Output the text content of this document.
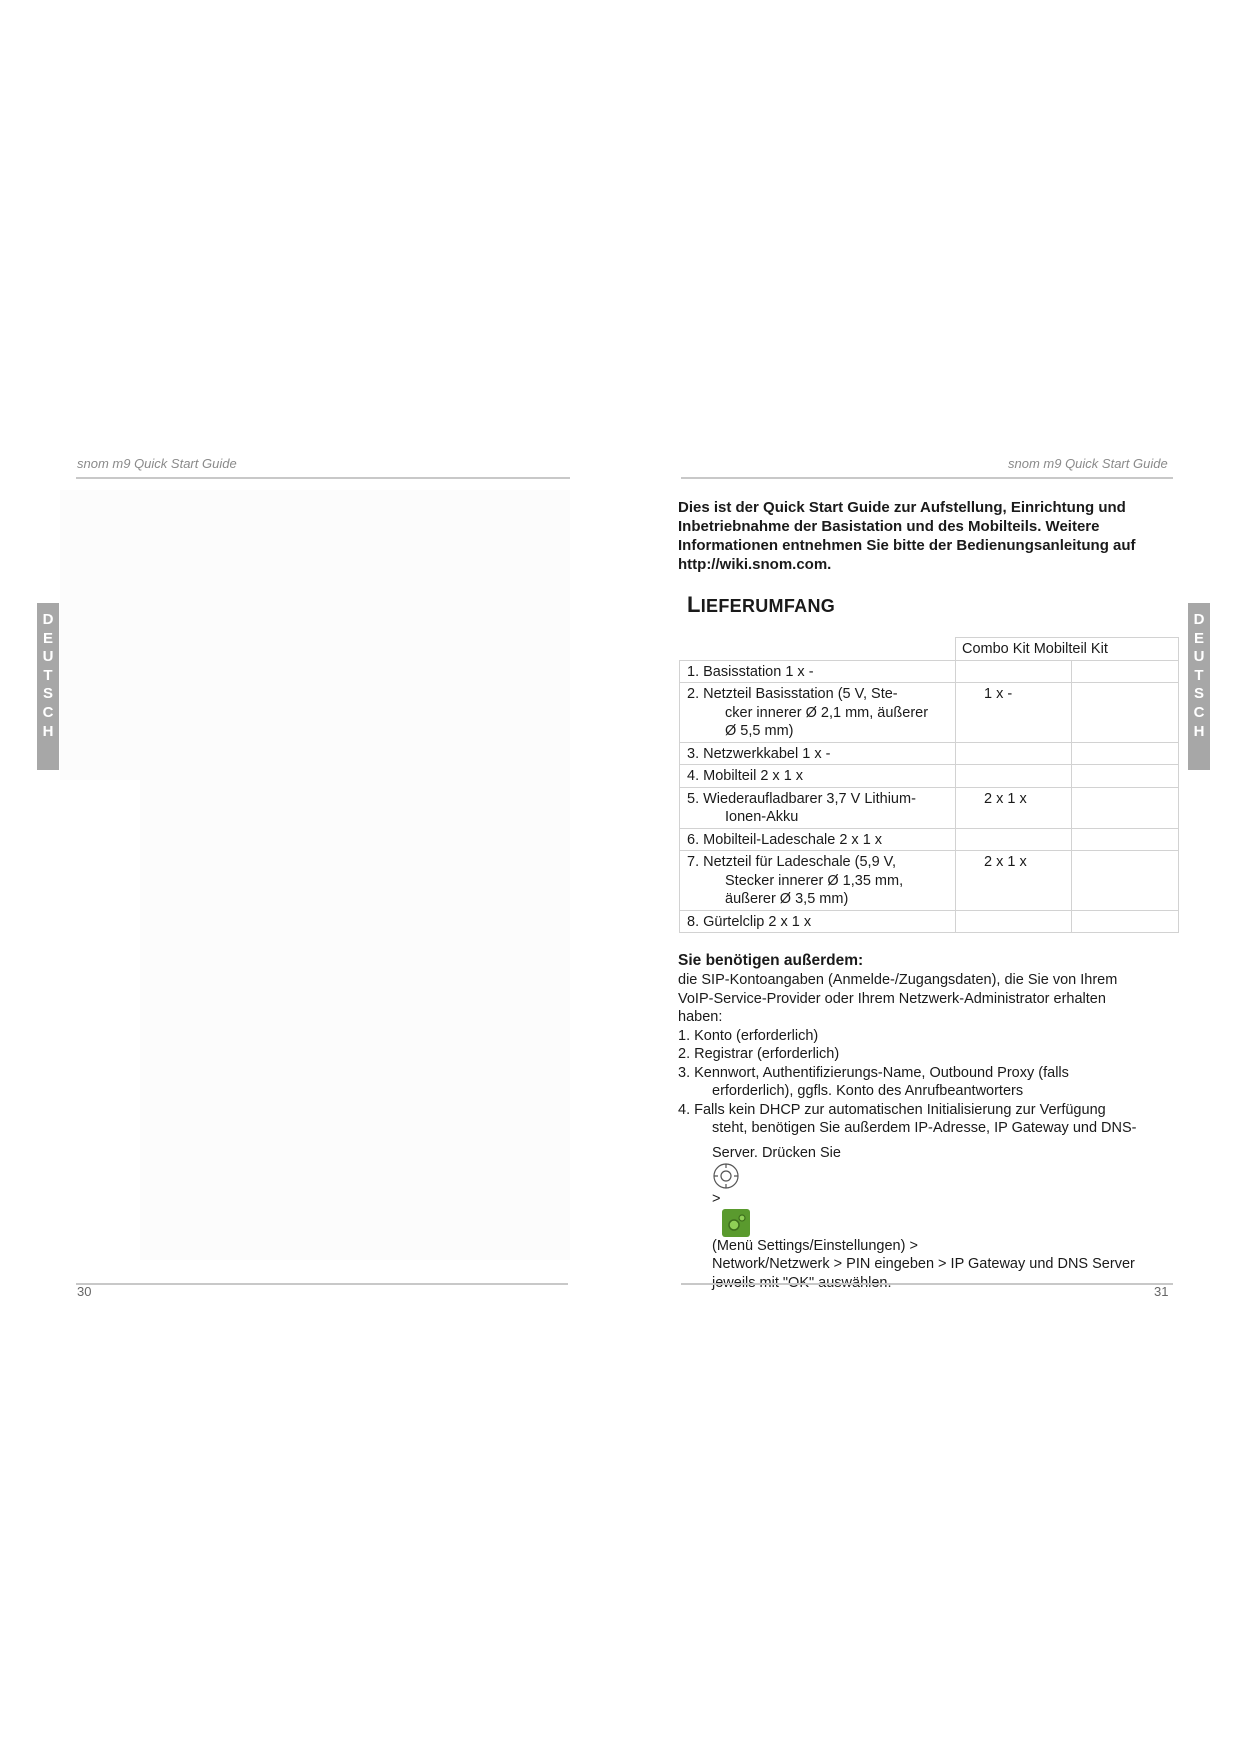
snom m9 Quick Start Guide
D
E
U
T
S
C
H
30
snom m9 Quick Start Guide
Dies ist der Quick Start Guide zur Aufstellung, Einrichtung und
Inbetriebnahme der Basistation und des Mobilteils. Weitere
Informationen entnehmen Sie bitte der Bedienungsanleitung auf
http://wiki.snom.com.
LIEFERUMFANG
	Combo Kit Mobilteil Kit	
1. Basisstation 1 x -		

2. Netzteil Basisstation (5 V, Ste-
cker innerer Ø 2,1 mm, äußerer
Ø 5,5 mm)	1 x -	
3. Netzwerkkabel 1 x -		
4. Mobilteil 2 x 1 x		

5. Wiederaufladbarer 3,7 V Lithium-
Ionen-Akku	2 x 1 x	
6. Mobilteil-Ladeschale 2 x 1 x		

7. Netzteil für Ladeschale (5,9 V,
Stecker innerer Ø 1,35 mm,
äußerer Ø 3,5 mm)	2 x 1 x	
8. Gürtelclip 2 x 1 x		
Sie benötigen außerdem:
die SIP-Kontoangaben (Anmelde-/Zugangsdaten), die Sie von Ihrem
VoIP-Service-Provider oder Ihrem Netzwerk-Administrator erhalten
haben:
1. Konto (erforderlich)
2. Registrar (erforderlich)
3. Kennwort, Authentifizierungs-Name, Outbound Proxy (falls
erforderlich), ggfls. Konto des Anrufbeantworters
4. Falls kein DHCP zur automatischen Initialisierung zur Verfügung
steht, benötigen Sie außerdem IP-Adresse, IP Gateway und DNS-
Server. Drücken Sie
>
(Menü Settings/Einstellungen) >
Network/Netzwerk > PIN eingeben > IP Gateway und DNS Server
D
E
U
T
S
C
H
31
